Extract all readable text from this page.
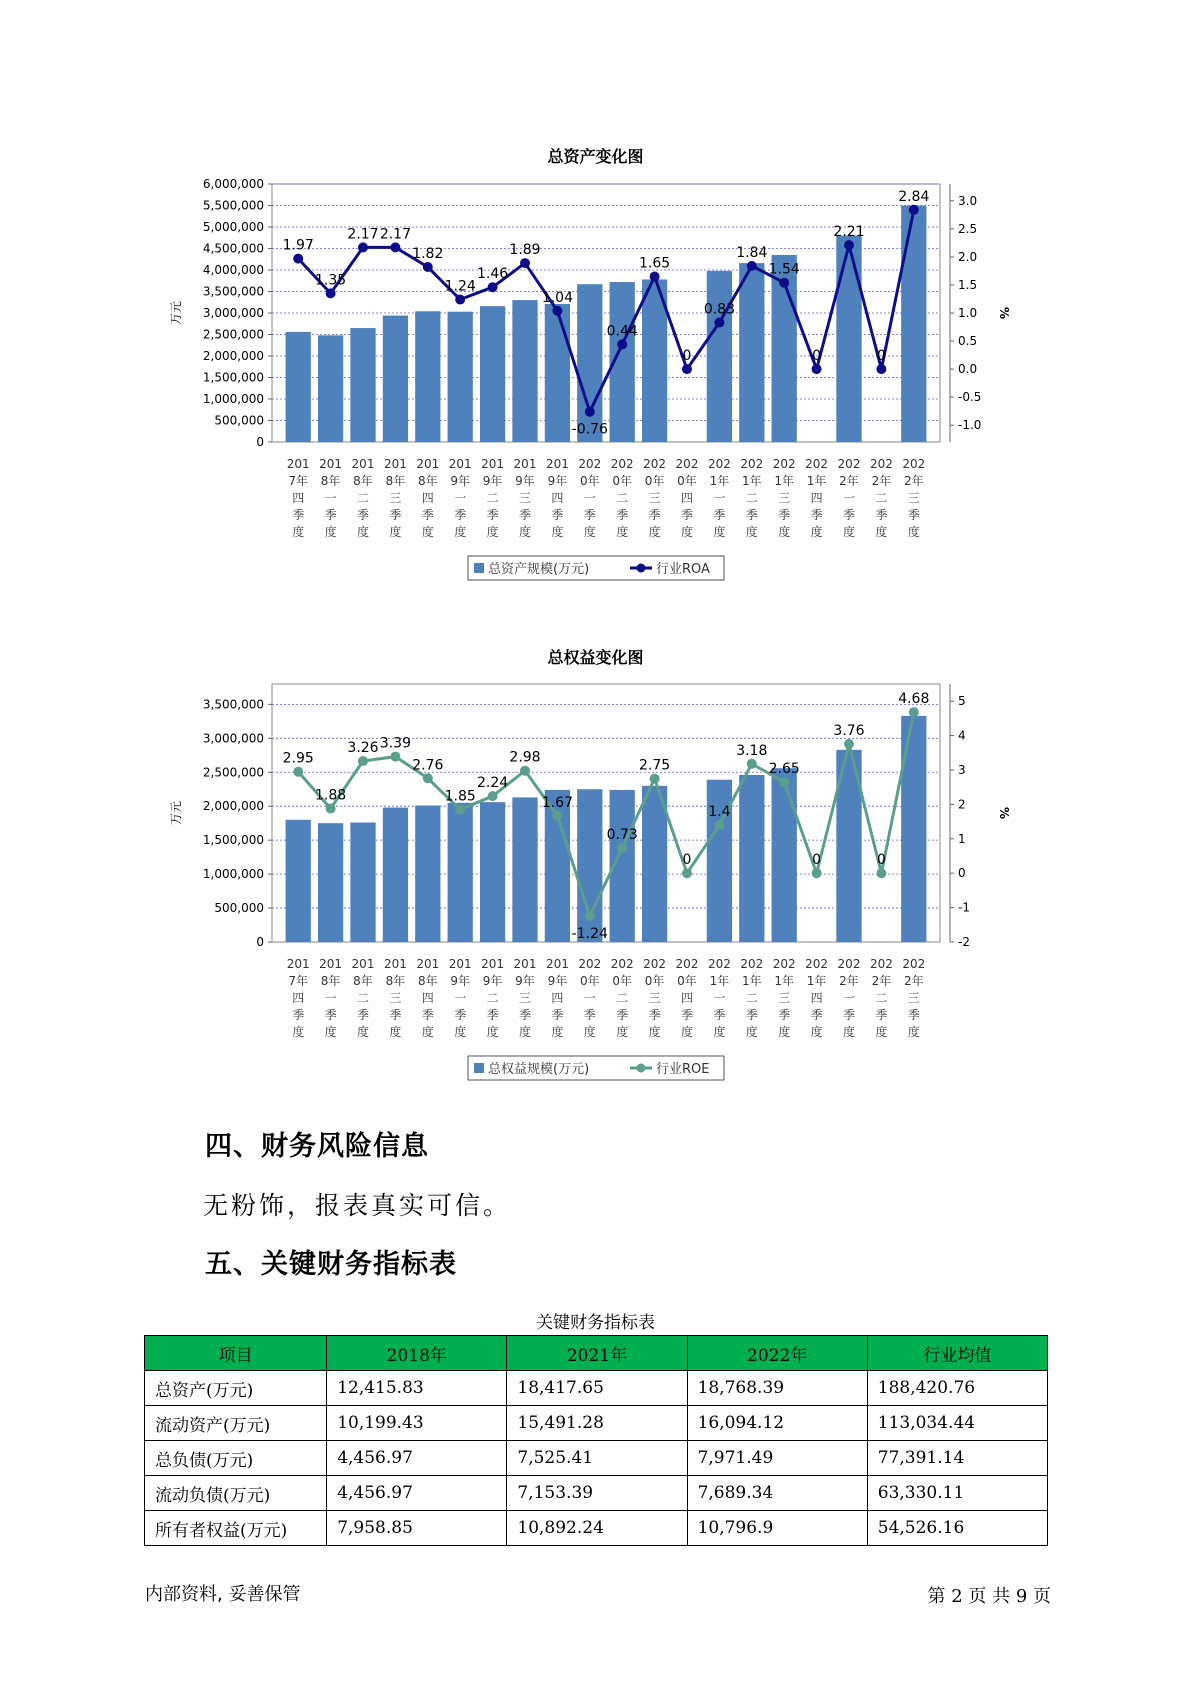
总资产变化图
0
500,000
1,000,000
1,500,000
2,000,000
2,500,000
3,000,000
3,500,000
4,000,000
4,500,000
5,000,000
5,500,000
6,000,000
-1.0
-0.5
0.0
0.5
1.0
1.5
2.0
2.5
3.0
万元	%
1.97
1.35
2.17 2.17
1.82
1.24
1.46
1.89
1.04
-0.76
0.44
1.65
0
0.83
1.84
1.54
0
2.21
0
2.84
201
7年
四
季
度
201
8年
一
季
度
201
8年
二
季
度
201
8年
三
季
度
201
8年
四
季
度
201
9年
一
季
度
201
9年
二
季
度
201
9年
三
季
度
201
9年
四
季
度
202
0年
一
季
度
202
0年
二
季
度
202
0年
三
季
度
202
0年
四
季
度
202
1年
一
季
度
202
1年
二
季
度
202
1年
三
季
度
202
1年
四
季
度
202
2年
一
季
度
202
2年
二
季
度
202
2年
三
季
度
总资产规模(万元)	行业ROA
总权益变化图
0
500,000
1,000,000
1,500,000
2,000,000
2,500,000
3,000,000
3,500,000
-2
-1
0
1
2
3
4
5
万元	%
2.95
1.88
3.26 3.39
2.76
1.85
2.24
2.98
1.67
-1.24
0.73
2.75
0
1.4
3.18
2.65
0
3.76
0
4.68
201
7年
四
季
度
201
8年
一
季
度
201
8年
二
季
度
201
8年
三
季
度
201
8年
四
季
度
201
9年
一
季
度
201
9年
二
季
度
201
9年
三
季
度
201
9年
四
季
度
202
0年
一
季
度
202
0年
二
季
度
202
0年
三
季
度
202
0年
四
季
度
202
1年
一
季
度
202
1年
二
季
度
202
1年
三
季
度
202
1年
四
季
度
202
2年
一
季
度
202
2年
二
季
度
202
2年
三
季
度
总权益规模(万元)	行业ROE
四、财务风险信息
无粉饰，报表真实可信。
五、关键财务指标表
关键财务指标表
项目	2018年	2021年	2022年	行业均值
总资产(万元)	12,415.83	18,417.65	18,768.39	188,420.76
流动资产(万元)	10,199.43	15,491.28	16,094.12	113,034.44
总负债(万元)	4,456.97	7,525.41	7,971.49	77,391.14
流动负债(万元)	4,456.97	7,153.39	7,689.34	63,330.11
所有者权益(万元)	7,958.85	10,892.24	10,796.9	54,526.16
内部资料, 妥善保管	第 2 页 共 9 页
